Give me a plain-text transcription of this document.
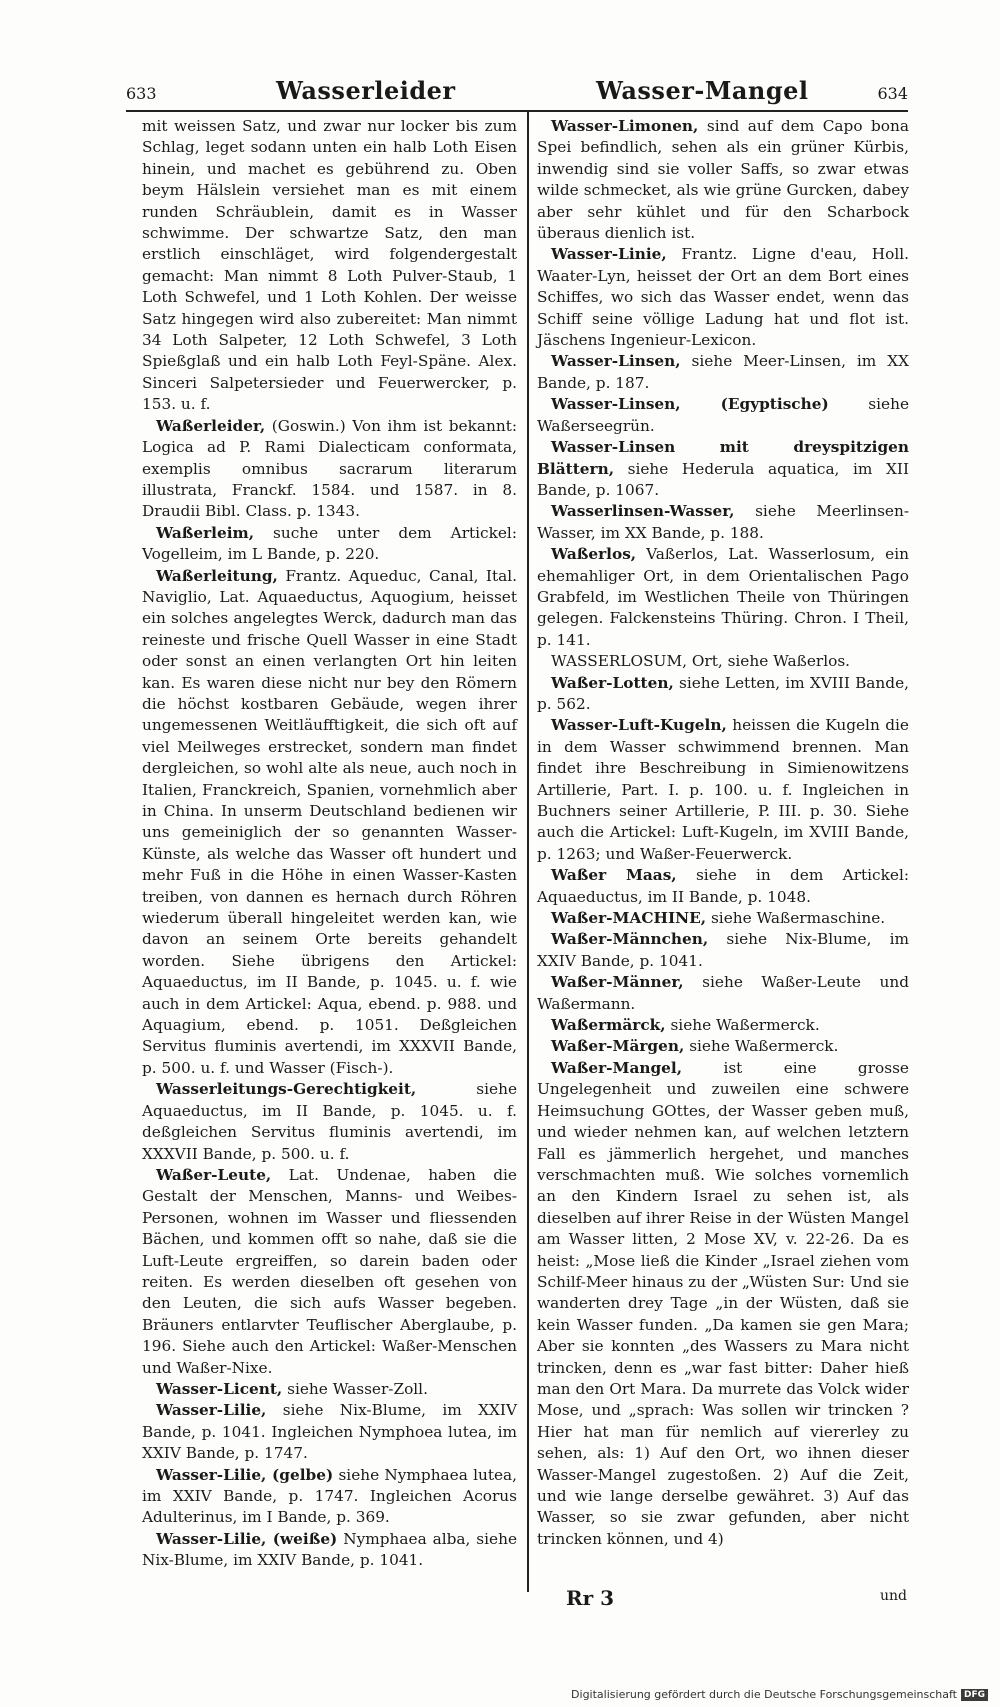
633	Wasserleider	Wasser-Mangel	634

mit weissen Satz, und zwar nur locker bis zum Schlag, leget sodann unten ein halb Loth Eisen hinein, und machet es gebührend zu. Oben beym Hälslein versiehet man es mit einem runden Schräublein, damit es in Wasser schwimme. Der schwartze Satz, den man erstlich einschläget, wird folgendergestalt gemacht: Man nimmt 8 Loth Pulver-Staub, 1 Loth Schwefel, und 1 Loth Kohlen. Der weisse Satz hingegen wird also zubereitet: Man nimmt 34 Loth Salpeter, 12 Loth Schwefel, 3 Loth Spießglaß und ein halb Loth Feyl-Späne. Alex. Sinceri Salpetersieder und Feuerwercker, p. 153. u. f.

Waßerleider, (Goswin.) Von ihm ist bekannt: Logica ad P. Rami Dialecticam conformata, exemplis omnibus sacrarum literarum illustrata, Franckf. 1584. und 1587. in 8. Draudii Bibl. Class. p. 1343.

Waßerleim, suche unter dem Artickel: Vogelleim, im L Bande, p. 220.

Waßerleitung, Frantz. Aqueduc, Canal, Ital. Naviglio, Lat. Aquaeductus, Aquogium, heisset ein solches angelegtes Werck, dadurch man das reineste und frische Quell Wasser in eine Stadt oder sonst an einen verlangten Ort hin leiten kan. Es waren diese nicht nur bey den Römern die höchst kostbaren Gebäude, wegen ihrer ungemessenen Weitläufftigkeit, die sich oft auf viel Meilweges erstrecket, sondern man findet dergleichen, so wohl alte als neue, auch noch in Italien, Franckreich, Spanien, vornehmlich aber in China. In unserm Deutschland bedienen wir uns gemeiniglich der so genannten Wasser-Künste, als welche das Wasser oft hundert und mehr Fuß in die Höhe in einen Wasser-Kasten treiben, von dannen es hernach durch Röhren wiederum überall hingeleitet werden kan, wie davon an seinem Orte bereits gehandelt worden. Siehe übrigens den Artickel: Aquaeductus, im II Bande, p. 1045. u. f. wie auch in dem Artickel: Aqua, ebend. p. 988. und Aquagium, ebend. p. 1051. Deßgleichen Servitus fluminis avertendi, im XXXVII Bande, p. 500. u. f. und Wasser (Fisch-).

Wasserleitungs-Gerechtigkeit,	siehe Aquaeductus, im II Bande, p. 1045. u. f. deßgleichen Servitus fluminis avertendi, im XXXVII Bande, p. 500. u. f.

Waßer-Leute, Lat. Undenae, haben die Gestalt der Menschen, Manns- und Weibes-Personen, wohnen im Wasser und fliessenden Bächen, und kommen offt so nahe, daß sie die Luft-Leute ergreiffen, so darein baden oder reiten. Es werden dieselben oft gesehen von den Leuten, die sich aufs Wasser begeben. Bräuners entlarvter Teuflischer Aberglaube, p. 196. Siehe auch den Artickel: Waßer-Menschen und Waßer-Nixe.

Wasser-Licent, siehe Wasser-Zoll.

Wasser-Lilie, siehe Nix-Blume, im XXIV Bande, p. 1041. Ingleichen Nymphoea lutea, im XXIV Bande, p. 1747.

Wasser-Lilie, (gelbe) siehe Nymphaea lutea, im XXIV Bande, p. 1747. Ingleichen Acorus Adulterinus, im I Bande, p. 369.

Wasser-Lilie, (weiße) Nymphaea alba, siehe Nix-Blume, im XXIV Bande, p. 1041.

Wasser-Limonen, sind auf dem Capo bona Spei befindlich, sehen als ein grüner Kürbis, inwendig sind sie voller Saffs, so zwar etwas wilde schmecket, als wie grüne Gurcken, dabey aber sehr kühlet und für den Scharbock überaus dienlich ist.

Wasser-Linie, Frantz. Ligne d'eau, Holl. Waater-Lyn, heisset der Ort an dem Bort eines Schiffes, wo sich das Wasser endet, wenn das Schiff seine völlige Ladung hat und flot ist. Jäschens Ingenieur-Lexicon.

Wasser-Linsen, siehe Meer-Linsen, im XX Bande, p. 187.

Wasser-Linsen, (Egyptische)	siehe Waßerseegrün.

Wasser-Linsen mit dreyspitzigen Blättern, siehe Hederula aquatica, im XII Bande, p. 1067.

Wasserlinsen-Wasser, siehe Meerlinsen-Wasser, im XX Bande, p. 188.

Waßerlos, Vaßerlos, Lat. Wasserlosum, ein ehemahliger Ort, in dem Orientalischen Pago Grabfeld, im Westlichen Theile von Thüringen gelegen. Falckensteins Thüring. Chron. I Theil, p. 141.

WASSERLOSUM, Ort, siehe Waßerlos.

Waßer-Lotten, siehe Letten, im XVIII Bande, p. 562.

Wasser-Luft-Kugeln, heissen die Kugeln die in dem Wasser schwimmend brennen. Man findet ihre Beschreibung in Simienowitzens Artillerie, Part. I. p. 100. u. f. Ingleichen in Buchners seiner Artillerie, P. III. p. 30. Siehe auch die Artickel: Luft-Kugeln, im XVIII Bande, p. 1263; und Waßer-Feuerwerck.

Waßer Maas, siehe in dem Artickel: Aquaeductus, im II Bande, p. 1048.

Waßer-MACHINE, siehe Waßermaschine.

Waßer-Männchen, siehe Nix-Blume, im XXIV Bande, p. 1041.

Waßer-Männer, siehe Waßer-Leute und Waßermann.

Waßermärck, siehe Waßermerck.

Waßer-Märgen, siehe Waßermerck.

Waßer-Mangel,	ist eine grosse Ungelegenheit und zuweilen eine schwere Heimsuchung GOttes, der Wasser geben muß, und wieder nehmen kan, auf welchen letztern Fall es jämmerlich hergehet, und manches verschmachten muß. Wie solches vornemlich an den Kindern Israel zu sehen ist, als dieselben auf ihrer Reise in der Wüsten Mangel am Wasser litten, 2 Mose XV, v. 22-26. Da es heist: „Mose ließ die Kinder „Israel ziehen vom Schilf-Meer hinaus zu der „Wüsten Sur: Und sie wanderten drey Tage „in der Wüsten, daß sie kein Wasser funden. „Da kamen sie gen Mara; Aber sie konnten „des Wassers zu Mara nicht trincken, denn es „war fast bitter: Daher hieß man den Ort Mara. Da murrete das Volck wider Mose, und „sprach: Was sollen wir trincken ? Hier hat man für nemlich auf viererley zu sehen, als: 1) Auf den Ort, wo ihnen dieser Wasser-Mangel zugestoßen. 2) Auf die Zeit, und wie lange derselbe gewähret. 3) Auf das Wasser, so sie zwar gefunden, aber nicht trincken können, und 4)

Rr 3	und
Digitalisierung gefördert durch die Deutsche Forschungsgemeinschaft DFG
